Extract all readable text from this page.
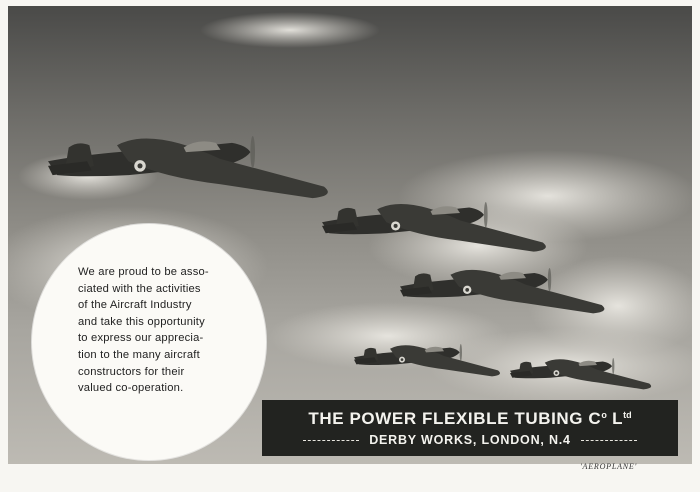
We are proud to be asso-
ciated with the activities
of the Aircraft Industry
and take this opportunity
to express our apprecia-
tion to the many aircraft
constructors for their
valued co-operation.
THE POWER FLEXIBLE TUBING $C^o$ $L^{td}$
DERBY WORKS, LONDON, N.4
'AEROPLANE'
